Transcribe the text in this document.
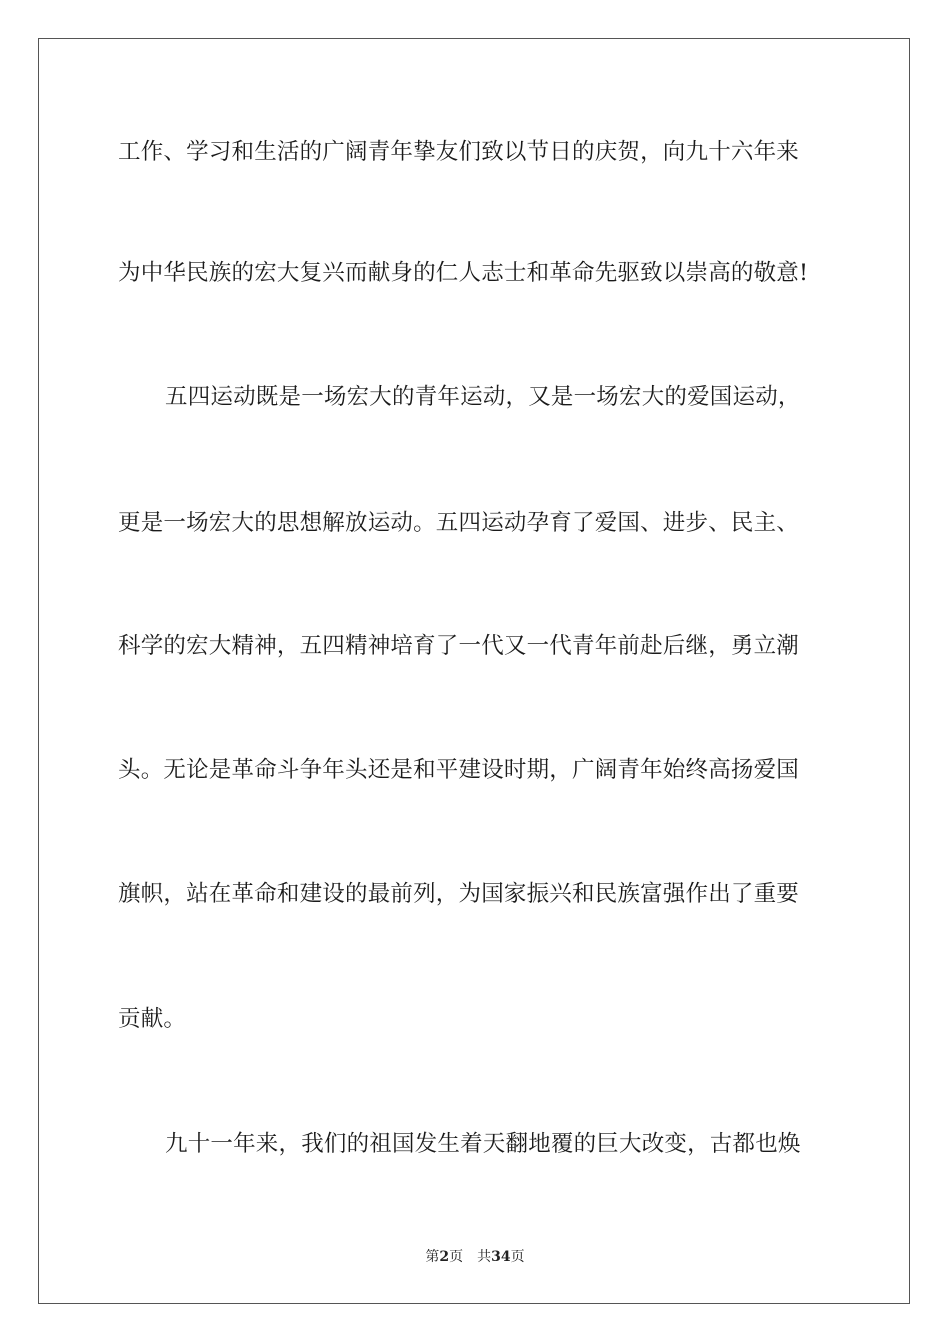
工作、学习和生活的广阔青年挚友们致以节日的庆贺，向九十六年来
为中华民族的宏大复兴而献身的仁人志士和革命先驱致以崇高的敬意!
五四运动既是一场宏大的青年运动，又是一场宏大的爱国运动，
更是一场宏大的思想解放运动。五四运动孕育了爱国、进步、民主、
科学的宏大精神，五四精神培育了一代又一代青年前赴后继，勇立潮
头。无论是革命斗争年头还是和平建设时期，广阔青年始终高扬爱国
旗帜，站在革命和建设的最前列，为国家振兴和民族富强作出了重要
贡献。
九十一年来，我们的祖国发生着天翻地覆的巨大改变，古都也焕
第2页 共34页
